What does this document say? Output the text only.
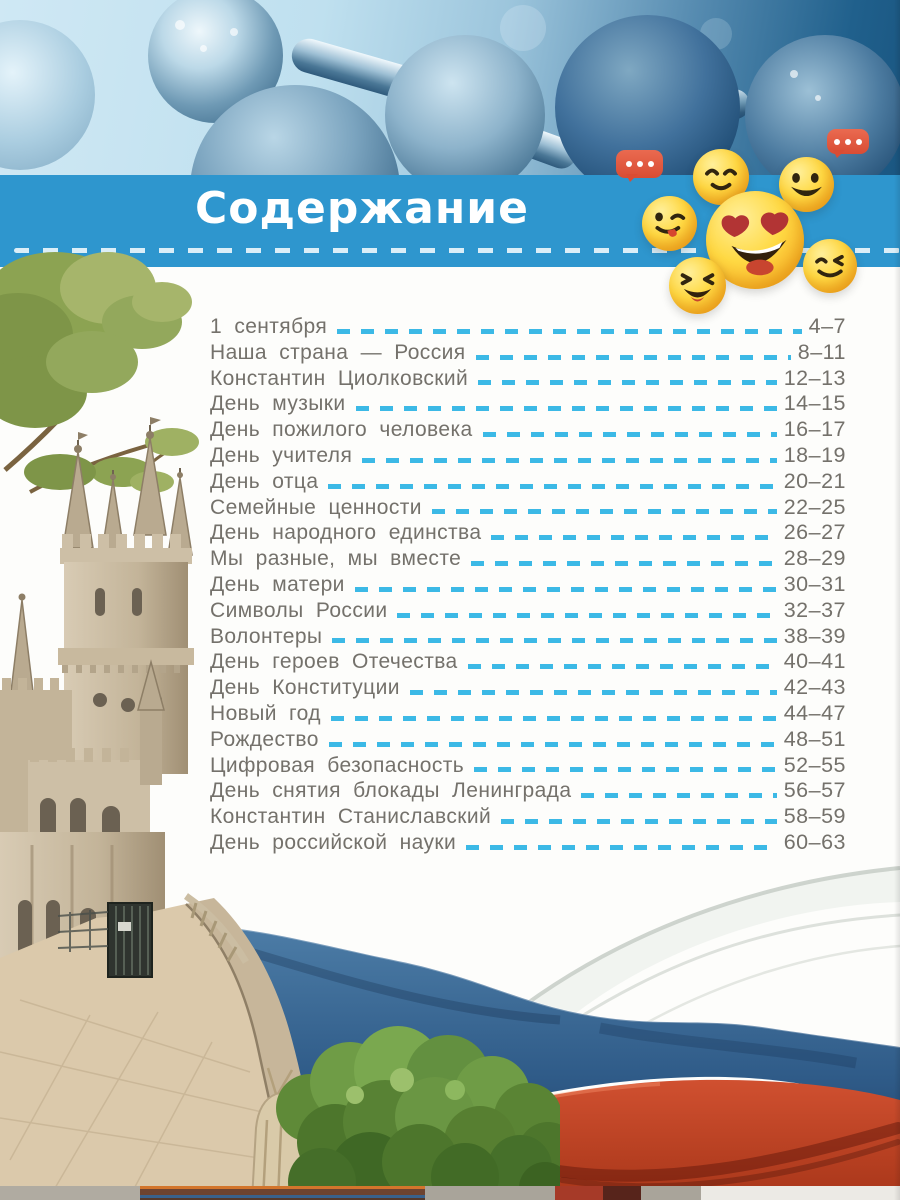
Содержание
1 сентября	4–7
Наша страна — Россия	8–11
Константин Циолковский	12–13
День музыки	14–15
День пожилого человека	16–17
День учителя	18–19
День отца	20–21
Семейные ценности	22–25
День народного единства	26–27
Мы разные, мы вместе	28–29
День матери	30–31
Символы России	32–37
Волонтеры	38–39
День героев Отечества	40–41
День Конституции	42–43
Новый год	44–47
Рождество	48–51
Цифровая безопасность	52–55
День снятия блокады Ленинграда	56–57
Константин Станиславский	58–59
День российской науки	60–63
